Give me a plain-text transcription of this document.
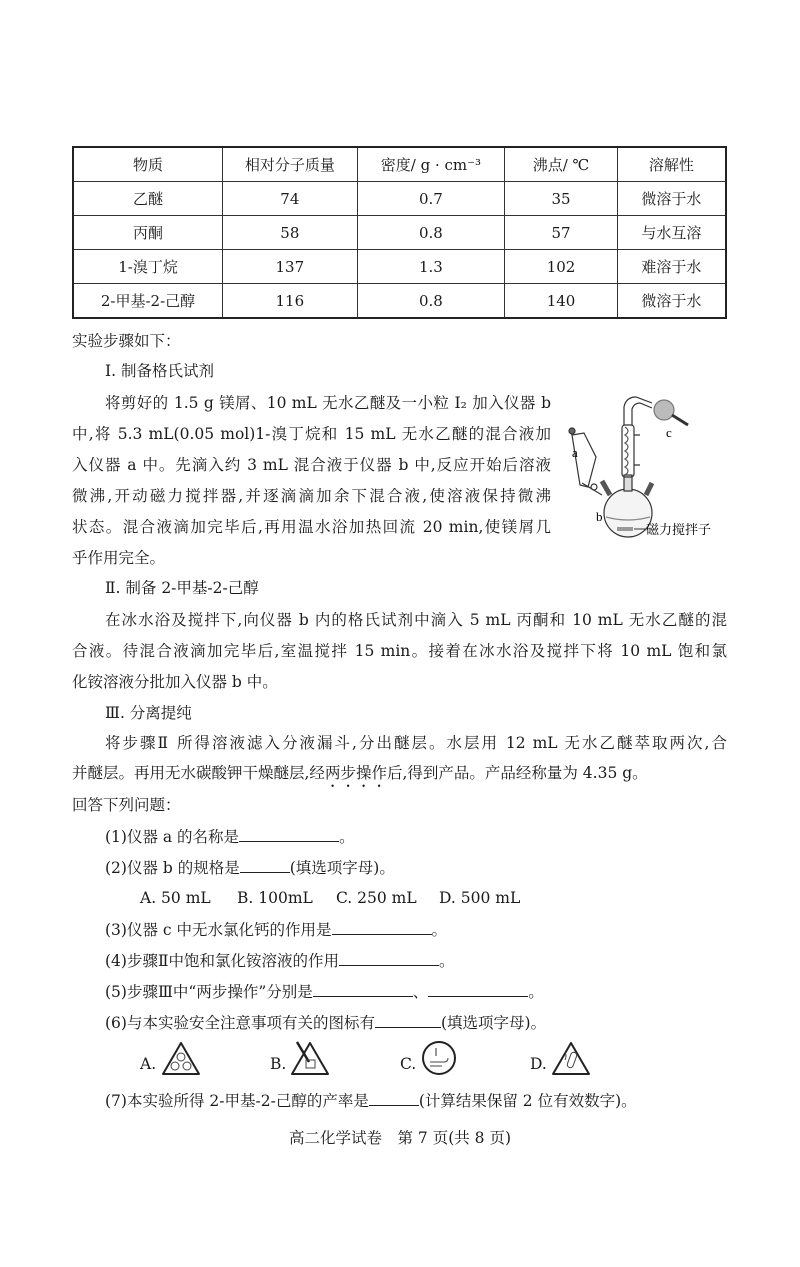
物质	相对分子质量	密度/ g · cm⁻³	沸点/ ℃	溶解性
乙醚	74	0.7	35	微溶于水
丙酮	58	0.8	57	与水互溶
1-溴丁烷	137	1.3	102	难溶于水
2-甲基-2-己醇	116	0.8	140	微溶于水
实验步骤如下：
Ⅰ. 制备格氏试剂
将剪好的 1.5 g 镁屑、10 mL 无水乙醚及一小粒 I₂ 加入仪器 b
中,将 5.3 mL(0.05 mol)1-溴丁烷和 15 mL 无水乙醚的混合液加
入仪器 a 中。先滴入约 3 mL 混合液于仪器 b 中,反应开始后溶液
微沸,开动磁力搅拌器,并逐滴滴加余下混合液,使溶液保持微沸
状态。混合液滴加完毕后,再用温水浴加热回流 20 min,使镁屑几
乎作用完全。
a
b
c
磁力搅拌子
Ⅱ. 制备 2-甲基-2-己醇
在冰水浴及搅拌下,向仪器 b 内的格氏试剂中滴入 5 mL 丙酮和 10 mL 无水乙醚的混
合液。待混合液滴加完毕后,室温搅拌 15 min。接着在冰水浴及搅拌下将 10 mL 饱和氯
化铵溶液分批加入仪器 b 中。
Ⅲ. 分离提纯
将步骤Ⅱ 所得溶液滤入分液漏斗,分出醚层。水层用 12 mL 无水乙醚萃取两次,合
并醚层。再用无水碳酸钾干燥醚层,经两步操作后,得到产品。产品经称量为 4.35 g。
回答下列问题：
(1)仪器 a 的名称是	。
(2)仪器 b 的规格是	(填选项字母)。
A. 50 mL B. 100mL C. 250 mL D. 500 mL
(3)仪器 c 中无水氯化钙的作用是	。
(4)步骤Ⅱ中饱和氯化铵溶液的作用	。
(5)步骤Ⅲ中“两步操作”分别是	、	。
(6)与本实验安全注意事项有关的图标有	(填选项字母)。
A.	B.	C.	D.
(7)本实验所得 2-甲基-2-己醇的产率是	(计算结果保留 2 位有效数字)。
高二化学试卷　第 7 页(共 8 页)
